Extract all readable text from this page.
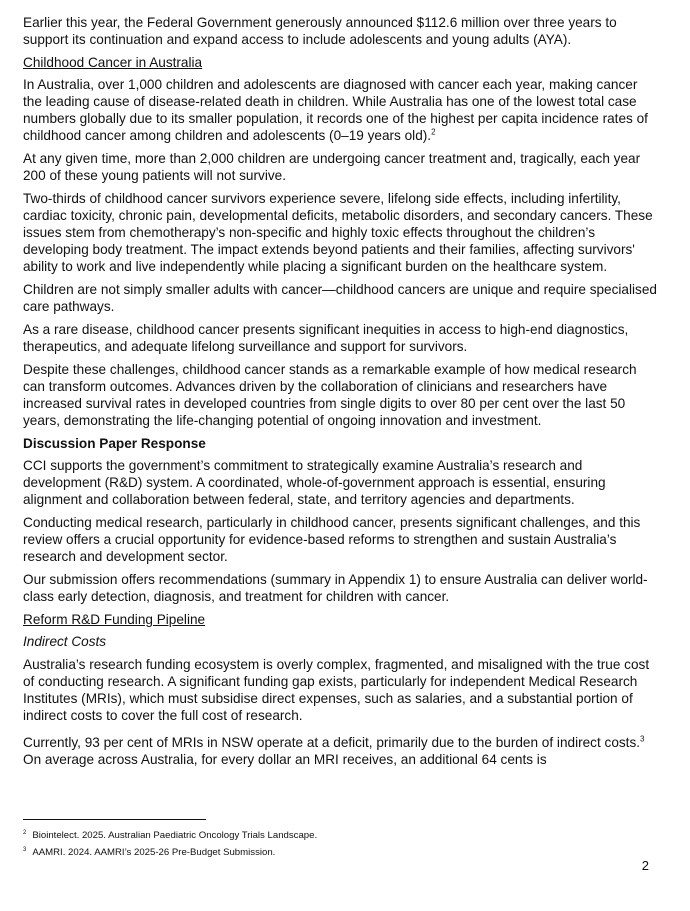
Earlier this year, the Federal Government generously announced $112.6 million over three years to support its continuation and expand access to include adolescents and young adults (AYA).

Childhood Cancer in Australia

In Australia, over 1,000 children and adolescents are diagnosed with cancer each year, making cancer the leading cause of disease-related death in children. While Australia has one of the lowest total case numbers globally due to its smaller population, it records one of the highest per capita incidence rates of childhood cancer among children and adolescents (0–19 years old).$^2$

At any given time, more than 2,000 children are undergoing cancer treatment and, tragically, each year 200 of these young patients will not survive.

Two-thirds of childhood cancer survivors experience severe, lifelong side effects, including infertility, cardiac toxicity, chronic pain, developmental deficits, metabolic disorders, and secondary cancers. These issues stem from chemotherapy’s non-specific and highly toxic effects throughout the children’s developing body treatment. The impact extends beyond patients and their families, affecting survivors' ability to work and live independently while placing a significant burden on the healthcare system.

Children are not simply smaller adults with cancer—childhood cancers are unique and require specialised care pathways.

As a rare disease, childhood cancer presents significant inequities in access to high-end diagnostics, therapeutics, and adequate lifelong surveillance and support for survivors.

Despite these challenges, childhood cancer stands as a remarkable example of how medical research can transform outcomes. Advances driven by the collaboration of clinicians and researchers have increased survival rates in developed countries from single digits to over 80 per cent over the last 50 years, demonstrating the life-changing potential of ongoing innovation and investment.

Discussion Paper Response

CCI supports the government’s commitment to strategically examine Australia’s research and development (R&D) system. A coordinated, whole-of-government approach is essential, ensuring alignment and collaboration between federal, state, and territory agencies and departments.

Conducting medical research, particularly in childhood cancer, presents significant challenges, and this review offers a crucial opportunity for evidence-based reforms to strengthen and sustain Australia’s research and development sector.

Our submission offers recommendations (summary in Appendix 1) to ensure Australia can deliver world-class early detection, diagnosis, and treatment for children with cancer.

Reform R&D Funding Pipeline

Indirect Costs

Australia’s research funding ecosystem is overly complex, fragmented, and misaligned with the true cost of conducting research. A significant funding gap exists, particularly for independent Medical Research Institutes (MRIs), which must subsidise direct expenses, such as salaries, and a substantial portion of indirect costs to cover the full cost of research.

Currently, 93 per cent of MRIs in NSW operate at a deficit, primarily due to the burden of indirect costs.$^3$ On average across Australia, for every dollar an MRI receives, an additional 64 cents is

$^2$ Biointelect. 2025. Australian Paediatric Oncology Trials Landscape.

$^3$ AAMRI. 2024. AAMRI’s 2025-26 Pre-Budget Submission.

2
